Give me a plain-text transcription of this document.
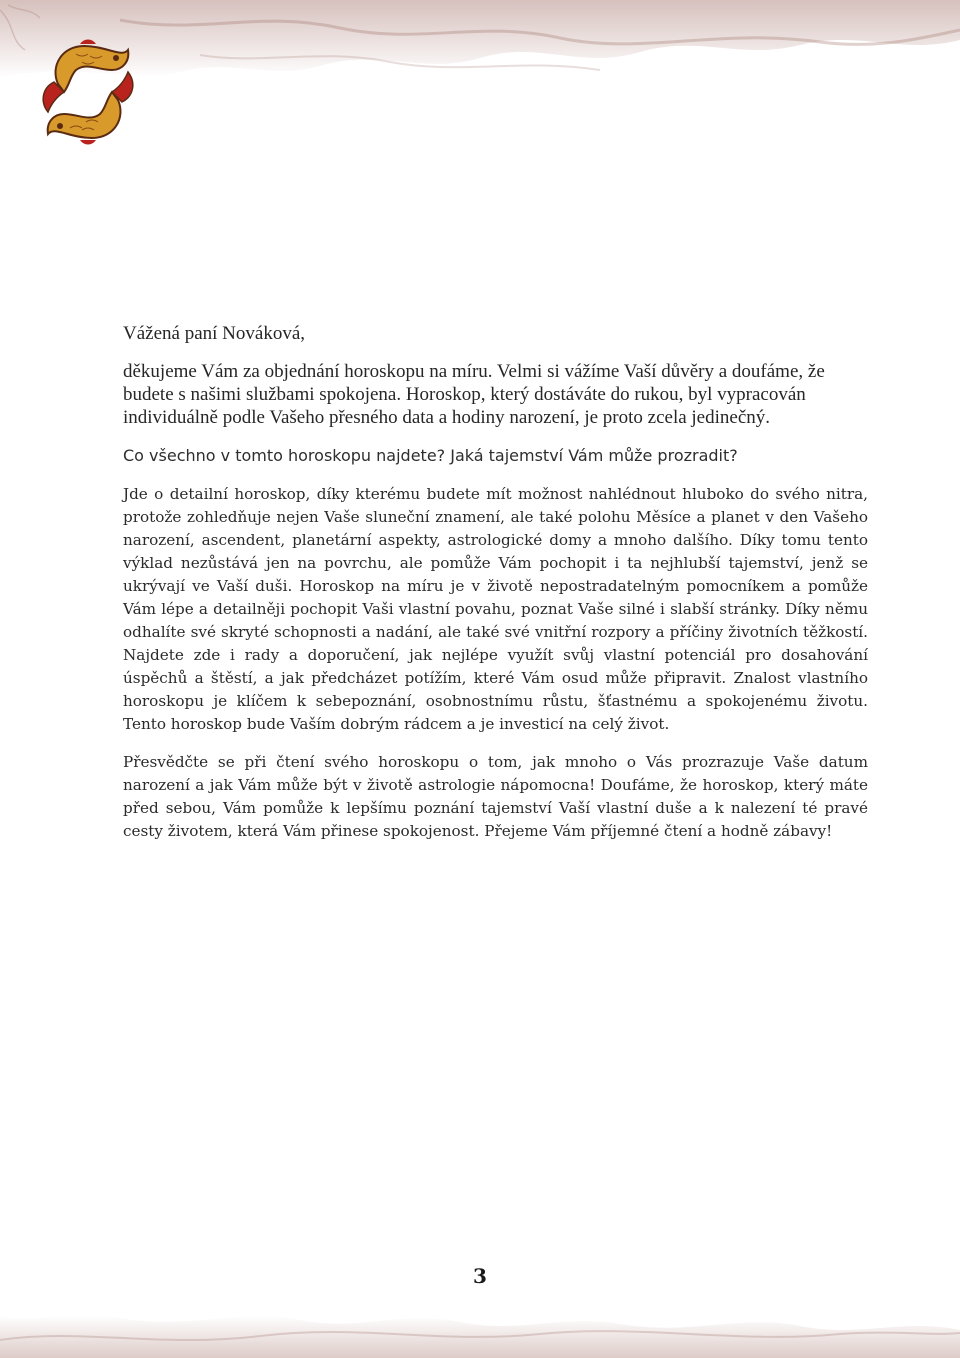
Vážená paní Nováková,

děkujeme Vám za objednání horoskopu na míru. Velmi si vážíme Vaší důvěry a doufáme, že budete s našimi službami spokojena. Horoskop, který dostáváte do rukou, byl vypracován individuálně podle Vašeho přesného data a hodiny narození, je proto zcela jedinečný.

Co všechno v tomto horoskopu najdete? Jaká tajemství Vám může prozradit?

Jde o detailní horoskop, díky kterému budete mít možnost nahlédnout hluboko do svého nitra, protože zohledňuje nejen Vaše sluneční znamení, ale také polohu Měsíce a planet v den Vašeho narození, ascendent, planetární aspekty, astrologické domy a mnoho dalšího. Díky tomu tento výklad nezůstává jen na povrchu, ale pomůže Vám pochopit i ta nejhlubší tajemství, jenž se ukrývají ve Vaší duši. Horoskop na míru je v životě nepostradatelným pomocníkem a pomůže Vám lépe a detailněji pochopit Vaši vlastní povahu, poznat Vaše silné i slabší stránky. Díky němu odhalíte své skryté schopnosti a nadání, ale také své vnitřní rozpory a příčiny životních těžkostí. Najdete zde i rady a doporučení, jak nejlépe využít svůj vlastní potenciál pro dosahování úspěchů a štěstí, a jak předcházet potížím, které Vám osud může připravit. Znalost vlastního horoskopu je klíčem k sebepoznání, osobnostnímu růstu, šťastnému a spokojenému životu. Tento horoskop bude Vaším dobrým rádcem a je investicí na celý život.

Přesvědčte se při čtení svého horoskopu o tom, jak mnoho o Vás prozrazuje Vaše datum narození a jak Vám může být v životě astrologie nápomocna! Doufáme, že horoskop, který máte před sebou, Vám pomůže k lepšímu poznání tajemství Vaší vlastní duše a k nalezení té pravé cesty životem, která Vám přinese spokojenost. Přejeme Vám příjemné čtení a hodně zábavy!

3
